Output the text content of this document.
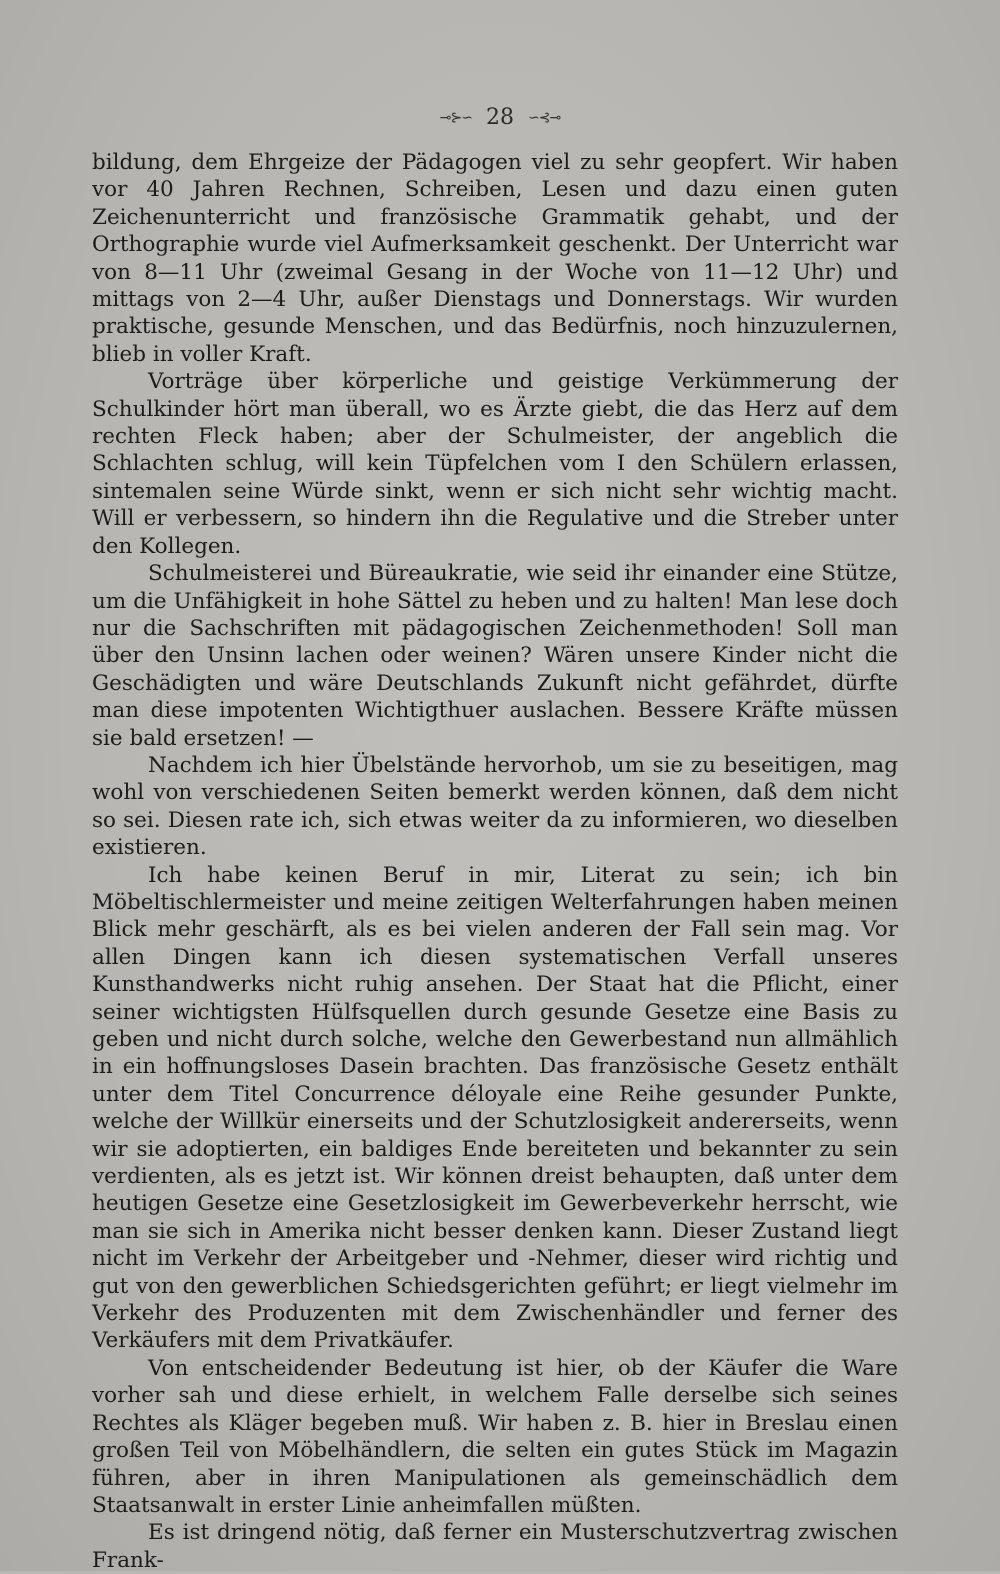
⊸⊱∽ 28 ∽⊰⊸

bildung, dem Ehrgeize der Pädagogen viel zu sehr geopfert. Wir haben vor 40 Jahren Rechnen, Schreiben, Lesen und dazu einen guten Zeichenunterricht und französische Grammatik gehabt, und der Orthographie wurde viel Aufmerksamkeit geschenkt. Der Unterricht war von 8—11 Uhr (zweimal Gesang in der Woche von 11—12 Uhr) und mittags von 2—4 Uhr, außer Dienstags und Donnerstags. Wir wurden praktische, gesunde Menschen, und das Bedürfnis, noch hinzuzulernen, blieb in voller Kraft.

Vorträge über körperliche und geistige Verkümmerung der Schulkinder hört man überall, wo es Ärzte giebt, die das Herz auf dem rechten Fleck haben; aber der Schulmeister, der angeblich die Schlachten schlug, will kein Tüpfelchen vom I den Schülern erlassen, sintemalen seine Würde sinkt, wenn er sich nicht sehr wichtig macht. Will er verbessern, so hindern ihn die Regulative und die Streber unter den Kollegen.

Schulmeisterei und Büreaukratie, wie seid ihr einander eine Stütze, um die Unfähigkeit in hohe Sättel zu heben und zu halten! Man lese doch nur die Sachschriften mit pädagogischen Zeichenmethoden! Soll man über den Unsinn lachen oder weinen? Wären unsere Kinder nicht die Geschädigten und wäre Deutschlands Zukunft nicht gefährdet, dürfte man diese impotenten Wichtigthuer auslachen. Bessere Kräfte müssen sie bald ersetzen! —

Nachdem ich hier Übelstände hervorhob, um sie zu beseitigen, mag wohl von verschiedenen Seiten bemerkt werden können, daß dem nicht so sei. Diesen rate ich, sich etwas weiter da zu informieren, wo dieselben existieren.

Ich habe keinen Beruf in mir, Literat zu sein; ich bin Möbeltischlermeister und meine zeitigen Welterfahrungen haben meinen Blick mehr geschärft, als es bei vielen anderen der Fall sein mag. Vor allen Dingen kann ich diesen systematischen Verfall unseres Kunsthandwerks nicht ruhig ansehen. Der Staat hat die Pflicht, einer seiner wichtigsten Hülfsquellen durch gesunde Gesetze eine Basis zu geben und nicht durch solche, welche den Gewerbestand nun allmählich in ein hoffnungsloses Dasein brachten. Das französische Gesetz enthält unter dem Titel Concurrence déloyale eine Reihe gesunder Punkte, welche der Willkür einerseits und der Schutzlosigkeit andererseits, wenn wir sie adoptierten, ein baldiges Ende bereiteten und bekannter zu sein verdienten, als es jetzt ist. Wir können dreist behaupten, daß unter dem heutigen Gesetze eine Gesetzlosigkeit im Gewerbeverkehr herrscht, wie man sie sich in Amerika nicht besser denken kann. Dieser Zustand liegt nicht im Verkehr der Arbeitgeber und -Nehmer, dieser wird richtig und gut von den gewerblichen Schiedsgerichten geführt; er liegt vielmehr im Verkehr des Produzenten mit dem Zwischenhändler und ferner des Verkäufers mit dem Privatkäufer.

Von entscheidender Bedeutung ist hier, ob der Käufer die Ware vorher sah und diese erhielt, in welchem Falle derselbe sich seines Rechtes als Kläger begeben muß. Wir haben z. B. hier in Breslau einen großen Teil von Möbelhändlern, die selten ein gutes Stück im Magazin führen, aber in ihren Manipulationen als gemeinschädlich dem Staatsanwalt in erster Linie anheimfallen müßten.

Es ist dringend nötig, daß ferner ein Musterschutzvertrag zwischen Frank-
